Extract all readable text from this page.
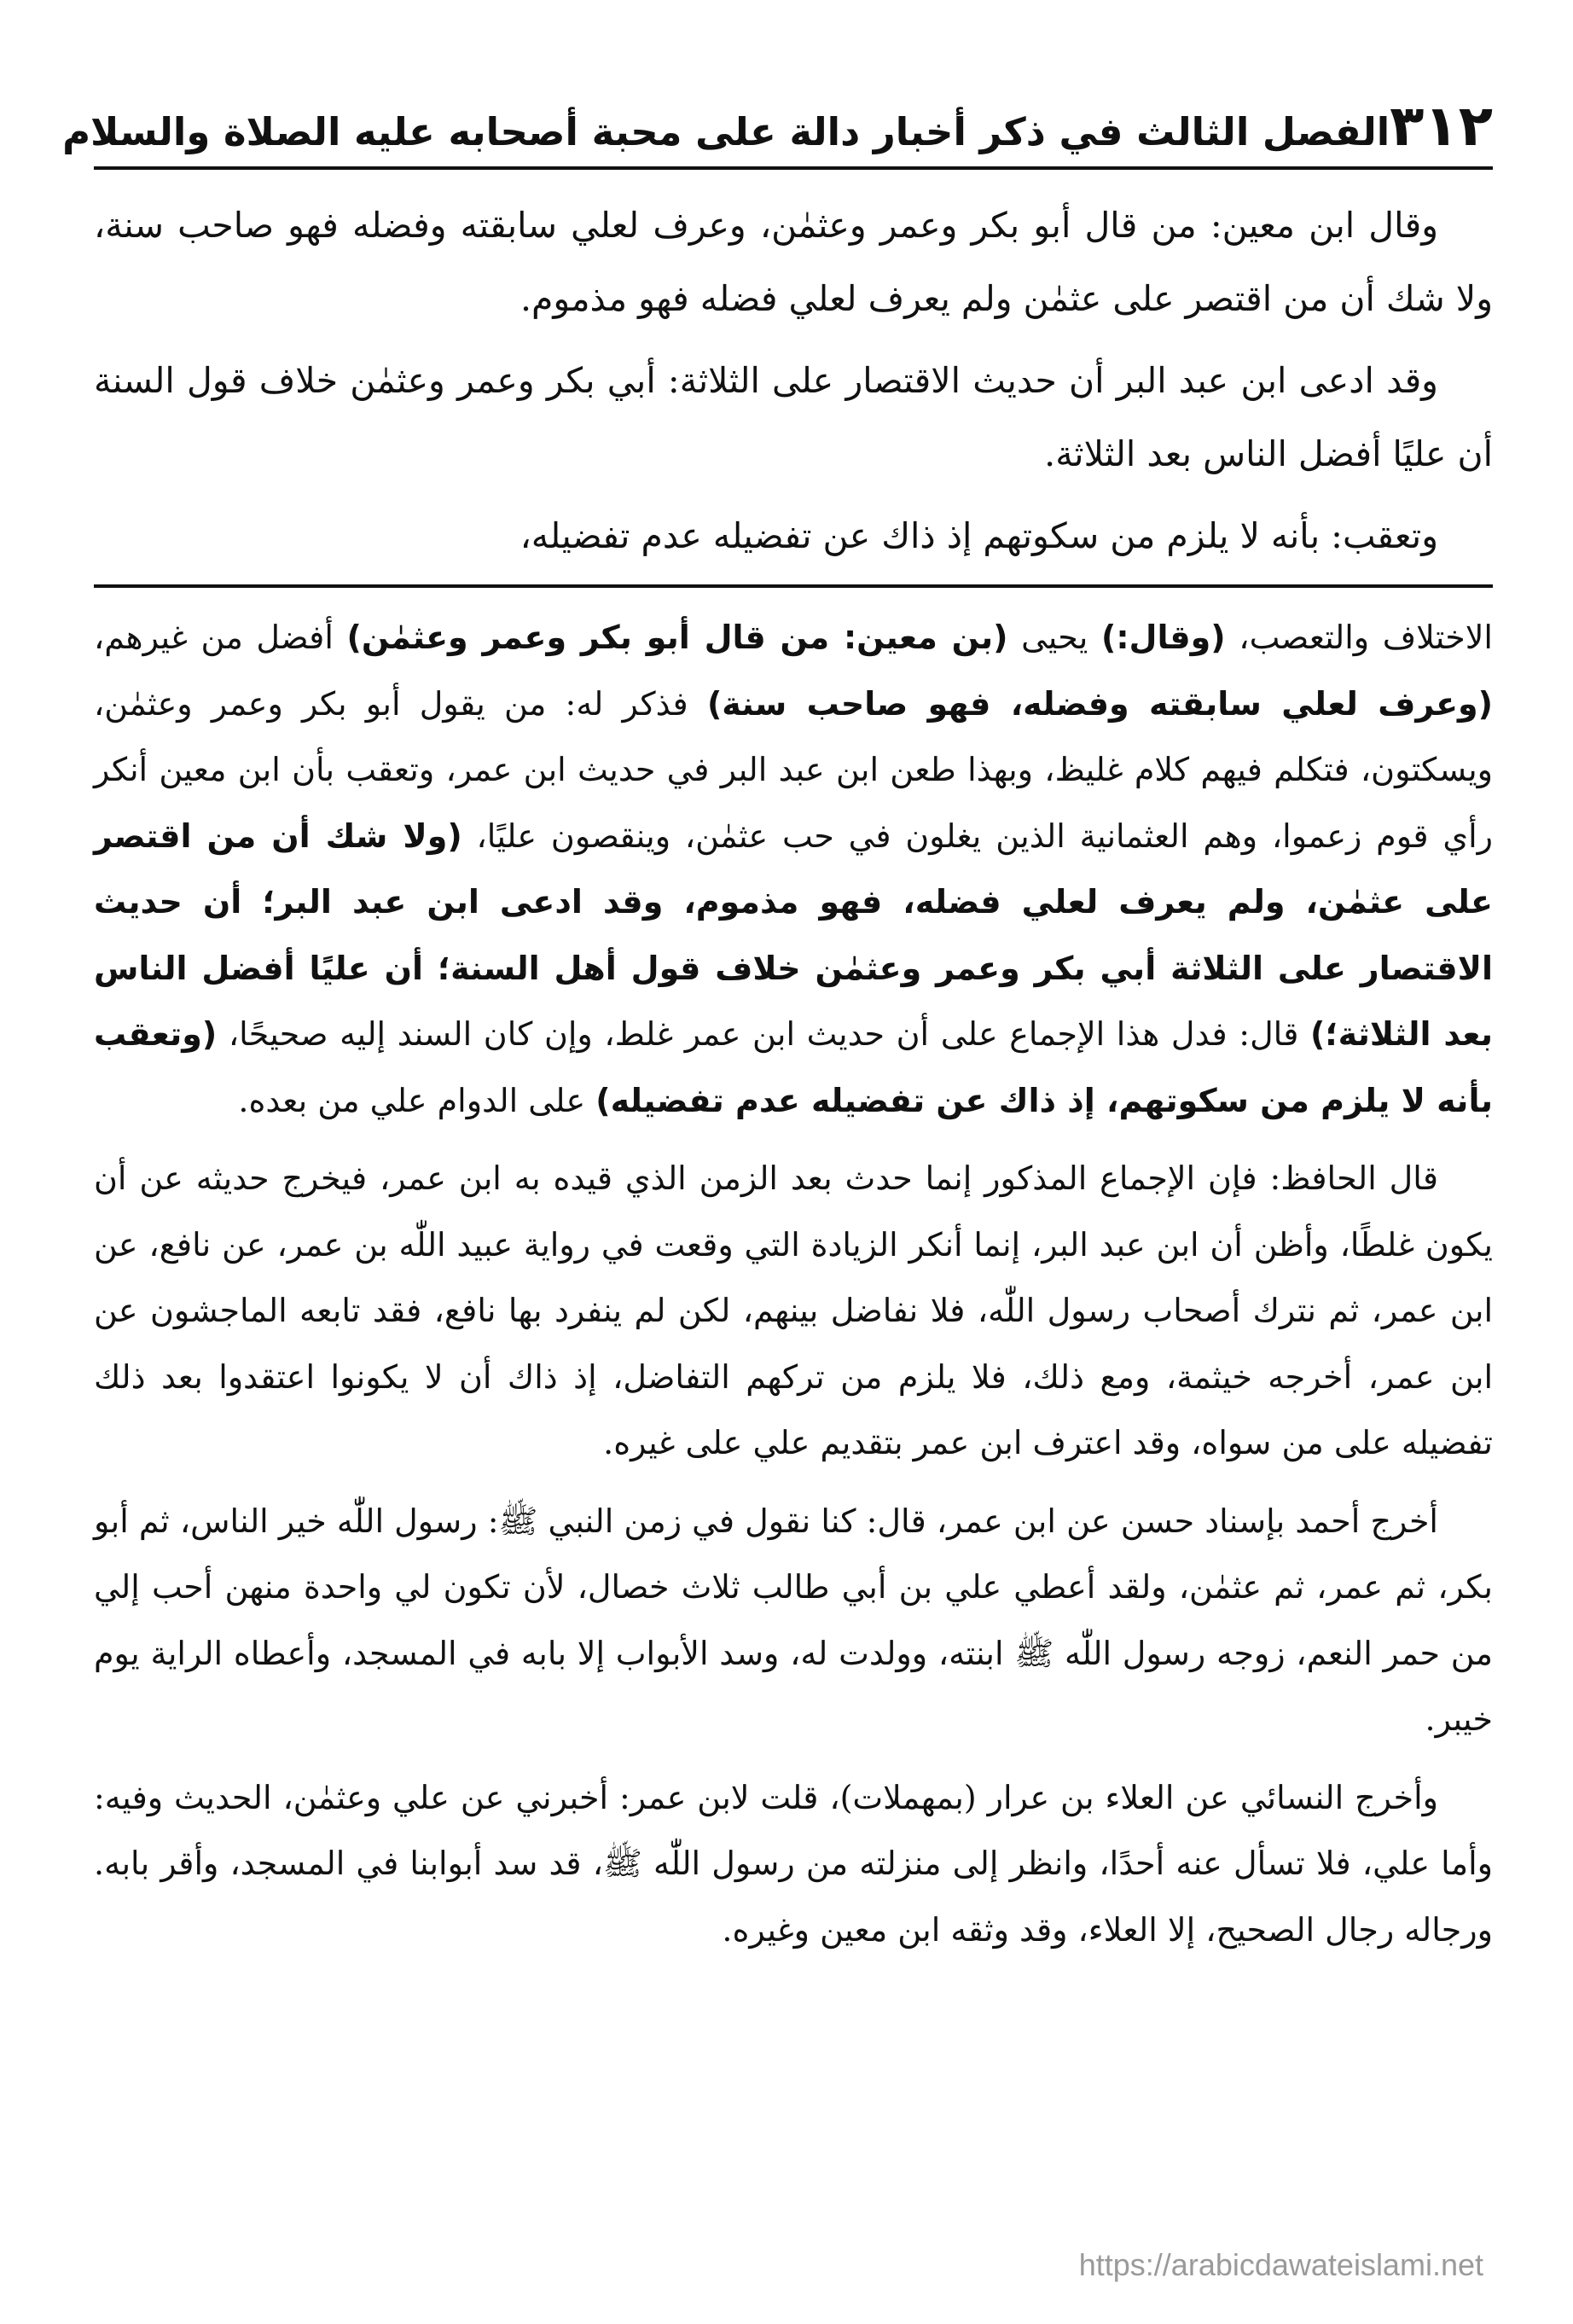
٣١٢
الفصل الثالث في ذكر أخبار دالة على محبة أصحابه عليه الصلاة والسلام

وقال ابن معين: من قال أبو بكر وعمر وعثمٰن، وعرف لعلي سابقته وفضله فهو صاحب سنة، ولا شك أن من اقتصر على عثمٰن ولم يعرف لعلي فضله فهو مذموم.

وقد ادعى ابن عبد البر أن حديث الاقتصار على الثلاثة: أبي بكر وعمر وعثمٰن خلاف قول السنة أن عليًا أفضل الناس بعد الثلاثة.

وتعقب: بأنه لا يلزم من سكوتهم إذ ذاك عن تفضيله عدم تفضيله،

الاختلاف والتعصب، (وقال:) يحيى (بن معين: من قال أبو بكر وعمر وعثمٰن) أفضل من غيرهم، (وعرف لعلي سابقته وفضله، فهو صاحب سنة) فذكر له: من يقول أبو بكر وعمر وعثمٰن، ويسكتون، فتكلم فيهم كلام غليظ، وبهذا طعن ابن عبد البر في حديث ابن عمر، وتعقب بأن ابن معين أنكر رأي قوم زعموا، وهم العثمانية الذين يغلون في حب عثمٰن، وينقصون عليًا، (ولا شك أن من اقتصر على عثمٰن، ولم يعرف لعلي فضله، فهو مذموم، وقد ادعى ابن عبد البر؛ أن حديث الاقتصار على الثلاثة أبي بكر وعمر وعثمٰن خلاف قول أهل السنة؛ أن عليًا أفضل الناس بعد الثلاثة؛) قال: فدل هذا الإجماع على أن حديث ابن عمر غلط، وإن كان السند إليه صحيحًا، (وتعقب بأنه لا يلزم من سكوتهم، إذ ذاك عن تفضيله عدم تفضيله) على الدوام علي من بعده.

قال الحافظ: فإن الإجماع المذكور إنما حدث بعد الزمن الذي قيده به ابن عمر، فيخرج حديثه عن أن يكون غلطًا، وأظن أن ابن عبد البر، إنما أنكر الزيادة التي وقعت في رواية عبيد اللّٰه بن عمر، عن نافع، عن ابن عمر، ثم نترك أصحاب رسول اللّٰه، فلا نفاضل بينهم، لكن لم ينفرد بها نافع، فقد تابعه الماجشون عن ابن عمر، أخرجه خيثمة، ومع ذلك، فلا يلزم من تركهم التفاضل، إذ ذاك أن لا يكونوا اعتقدوا بعد ذلك تفضيله على من سواه، وقد اعترف ابن عمر بتقديم علي على غيره.

أخرج أحمد بإسناد حسن عن ابن عمر، قال: كنا نقول في زمن النبي ﷺ: رسول اللّٰه خير الناس، ثم أبو بكر، ثم عمر، ثم عثمٰن، ولقد أعطي علي بن أبي طالب ثلاث خصال، لأن تكون لي واحدة منهن أحب إلي من حمر النعم، زوجه رسول اللّٰه ﷺ ابنته، وولدت له، وسد الأبواب إلا بابه في المسجد، وأعطاه الراية يوم خيبر.

وأخرج النسائي عن العلاء بن عرار (بمهملات)، قلت لابن عمر: أخبرني عن علي وعثمٰن، الحديث وفيه: وأما علي، فلا تسأل عنه أحدًا، وانظر إلى منزلته من رسول اللّٰه ﷺ، قد سد أبوابنا في المسجد، وأقر بابه. ورجاله رجال الصحيح، إلا العلاء، وقد وثقه ابن معين وغيره.

https://arabicdawateislami.net
